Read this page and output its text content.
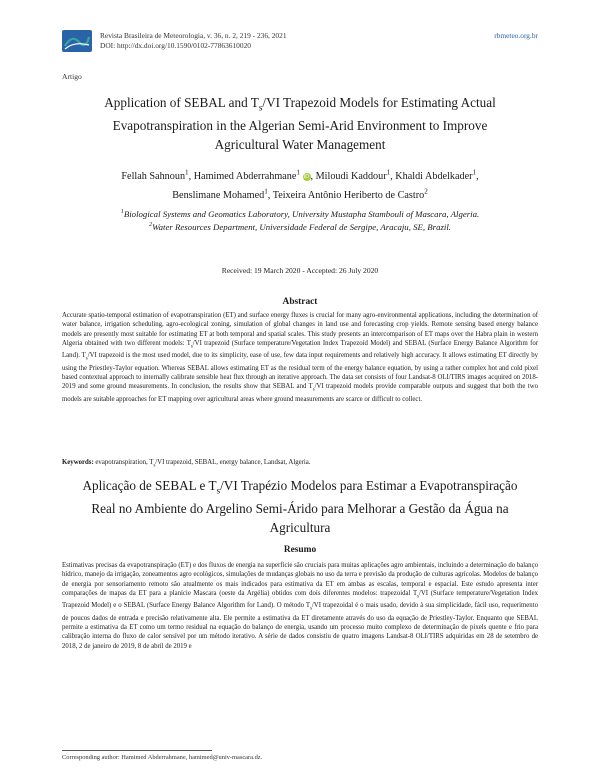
Revista Brasileira de Meteorologia, v. 36, n. 2, 219 - 236, 2021
DOI: http://dx.doi.org/10.1590/0102-77863610020
rbmeteo.org.br
Artigo
Application of SEBAL and $T_s/VI$ Trapezoid Models for Estimating Actual Evapotranspiration in the Algerian Semi-Arid Environment to Improve Agricultural Water Management
Fellah Sahnoun$^1$, Hamimed Abderrahmane$^1$ iD, Miloudi Kaddour$^1$, Khaldi Abdelkader$^1$,
Benslimane Mohamed$^1$, Teixeira Antônio Heriberto de Castro$^2$
$^1$Biological Systems and Geomatics Laboratory, University Mustapha Stambouli of Mascara, Algeria.
$^2$Water Resources Department, Universidade Federal de Sergipe, Aracaju, SE, Brazil.
Received: 19 March 2020 - Accepted: 26 July 2020
Abstract
Accurate spatio-temporal estimation of evapotranspiration (ET) and surface energy fluxes is crucial for many agro-environmental applications, including the determination of water balance, irrigation scheduling, agro-ecological zoning, simulation of global changes in land use and forecasting crop yields. Remote sensing based energy balance models are presently most suitable for estimating ET at both temporal and spatial scales. This study presents an intercomparison of ET maps over the Habra plain in western Algeria obtained with two different models: $T_s/VI$ trapezoid (Surface temperature/Vegetation Index Trapezoid Model) and SEBAL (Surface Energy Balance Algorithm for Land). $T_s/VI$ trapezoid is the most used model, due to its simplicity, ease of use, few data input requirements and relatively high accuracy. It allows estimating ET directly by using the Priestley-Taylor equation. Whereas SEBAL allows estimating ET as the residual term of the energy balance equation, by using a rather complex hot and cold pixel based contextual approach to internally calibrate sensible heat flux through an iterative approach. The data set consists of four Landsat-8 OLI/TIRS images acquired on 2018-2019 and some ground measurements. In conclusion, the results show that SEBAL and $T_s/VI$ trapezoid models provide comparable outputs and suggest that both the two models are suitable approaches for ET mapping over agricultural areas where ground measurements are scarce or difficult to collect.
Keywords: evapotranspiration, $T_s/VI$ trapezoid, SEBAL, energy balance, Landsat, Algeria.
Aplicação de SEBAL e $T_s/VI$ Trapézio Modelos para Estimar a Evapotranspiração Real no Ambiente do Argelino Semi-Árido para Melhorar a Gestão da Água na Agricultura
Resumo
Estimativas precisas da evapotranspiração (ET) e dos fluxos de energia na superfície são cruciais para muitas aplicações agro ambientais, incluindo a determinação do balanço hídrico, manejo da irrigação, zoneamentos agro ecológicos, simulações de mudanças globais no uso da terra e previsão da produção de culturas agrícolas. Modelos de balanço de energia por sensoriamento remoto são atualmente os mais indicados para estimativa da ET em ambas as escalas, temporal e espacial. Este estudo apresenta inter comparações de mapas da ET para a planície Mascara (oeste da Argélia) obtidos com dois diferentes modelos: trapezoidal $T_s/VI$ (Surface temperature/Vegetation Index Trapezoid Model) e o SEBAL (Surface Energy Balance Algorithm for Land). O método $T_s/VI$ trapezoidal é o mais usado, devido à sua simplicidade, fácil uso, requerimento de poucos dados de entrada e precisão relativamente alta. Ele permite a estimativa da ET diretamente através do uso da equação de Priestley-Taylor. Enquanto que SEBAL permite a estimativa da ET como um termo residual na equação do balanço de energia, usando um processo muito complexo de determinação de pixels quente e frio para calibração interna do fluxo de calor sensível por um método iterativo. A série de dados consistiu de quatro imagens Landsat-8 OLI/TIRS adquiridas em 28 de setembro de 2018, 2 de janeiro de 2019, 8 de abril de 2019 e
Corresponding author: Hamimed Abderrahmane, hamimed@univ-mascara.dz.
